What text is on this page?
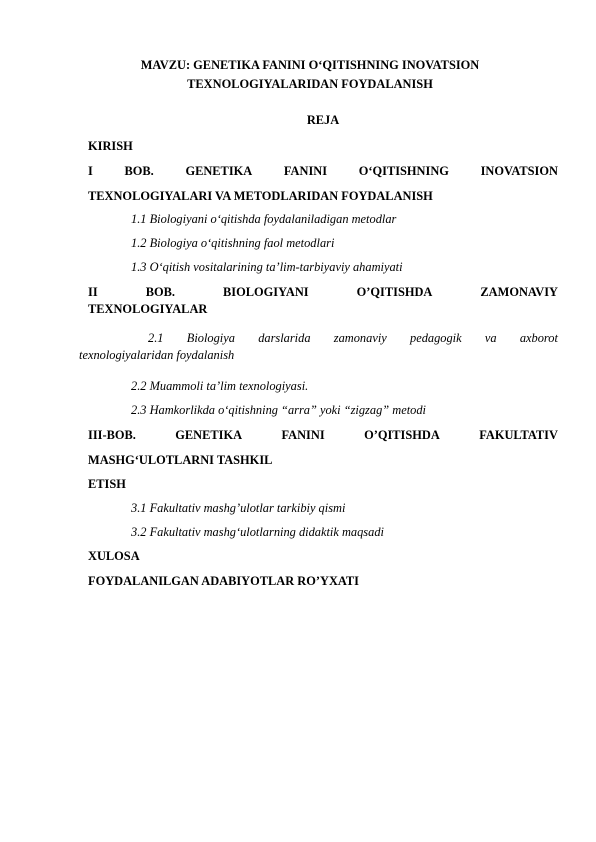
MAVZU: GENETIKA FANINI O‘QITISHNING INOVATSION
TEXNOLOGIYALARIDAN FOYDALANISH
REJA
KIRISH
I	BOB.	GENETIKA	FANINI	O‘QITISHNING	INOVATSION
TEXNOLOGIYALARI VA METODLARIDAN FOYDALANISH
1.1 Biologiyani o‘qitishda foydalaniladigan metodlar
1.2 Biologiya o‘qitishning faol metodlari
1.3 O‘qitish vositalarining ta’lim-tarbiyaviy ahamiyati
II	BOB.	BIOLOGIYANI	O’QITISHDA	ZAMONAVIY
TEXNOLOGIYALAR
2.1 Biologiya darslarida zamonaviy pedagogik va axborot
texnologiyalaridan foydalanish
2.2 Muammoli ta’lim texnologiyasi.
2.3 Hamkorlikda o‘qitishning “arra” yoki “zigzag” metodi
III-BOB.	GENETIKA	FANINI	O’QITISHDA	FAKULTATIV
MASHG‘ULOTLARNI TASHKIL
ETISH
3.1 Fakultativ mashg’ulotlar tarkibiy qismi
3.2 Fakultativ mashg‘ulotlarning didaktik maqsadi
XULOSA
FOYDALANILGAN ADABIYOTLAR RO’YXATI
